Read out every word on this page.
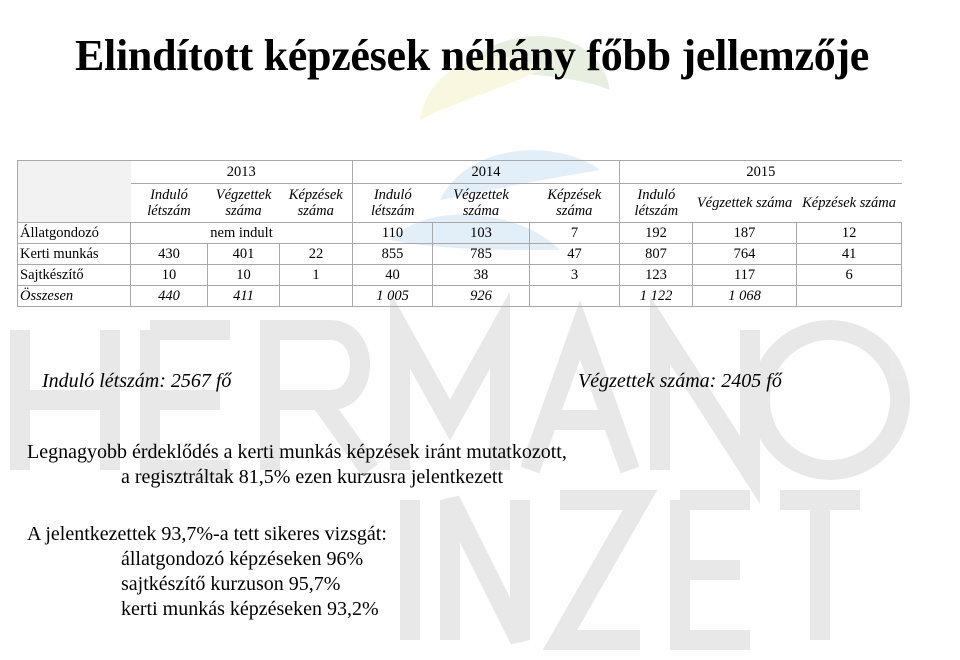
Elindított képzések néhány főbb jellemzője
	2013			2014			2015		
	Induló létszám	Végzettek száma	Képzések száma	Induló létszám	Végzettek száma	Képzések száma	Induló létszám	Végzettek száma	Képzések száma
Állatgondozó	nem indult			110	103	7	192	187	12
Kerti munkás	430	401	22	855	785	47	807	764	41
Sajtkészítő	10	10	1	40	38	3	123	117	6
Összesen	440	411		1 005	926		1 122	1 068	
Induló létszám: 2567 fő	Végzettek száma: 2405 fő
Legnagyobb érdeklődés a kerti munkás képzések iránt mutatkozott,
a regisztráltak 81,5% ezen kurzusra jelentkezett
A jelentkezettek 93,7%-a tett sikeres vizsgát:
állatgondozó képzéseken 96%
sajtkészítő kurzuson 95,7%
kerti munkás képzéseken 93,2%
